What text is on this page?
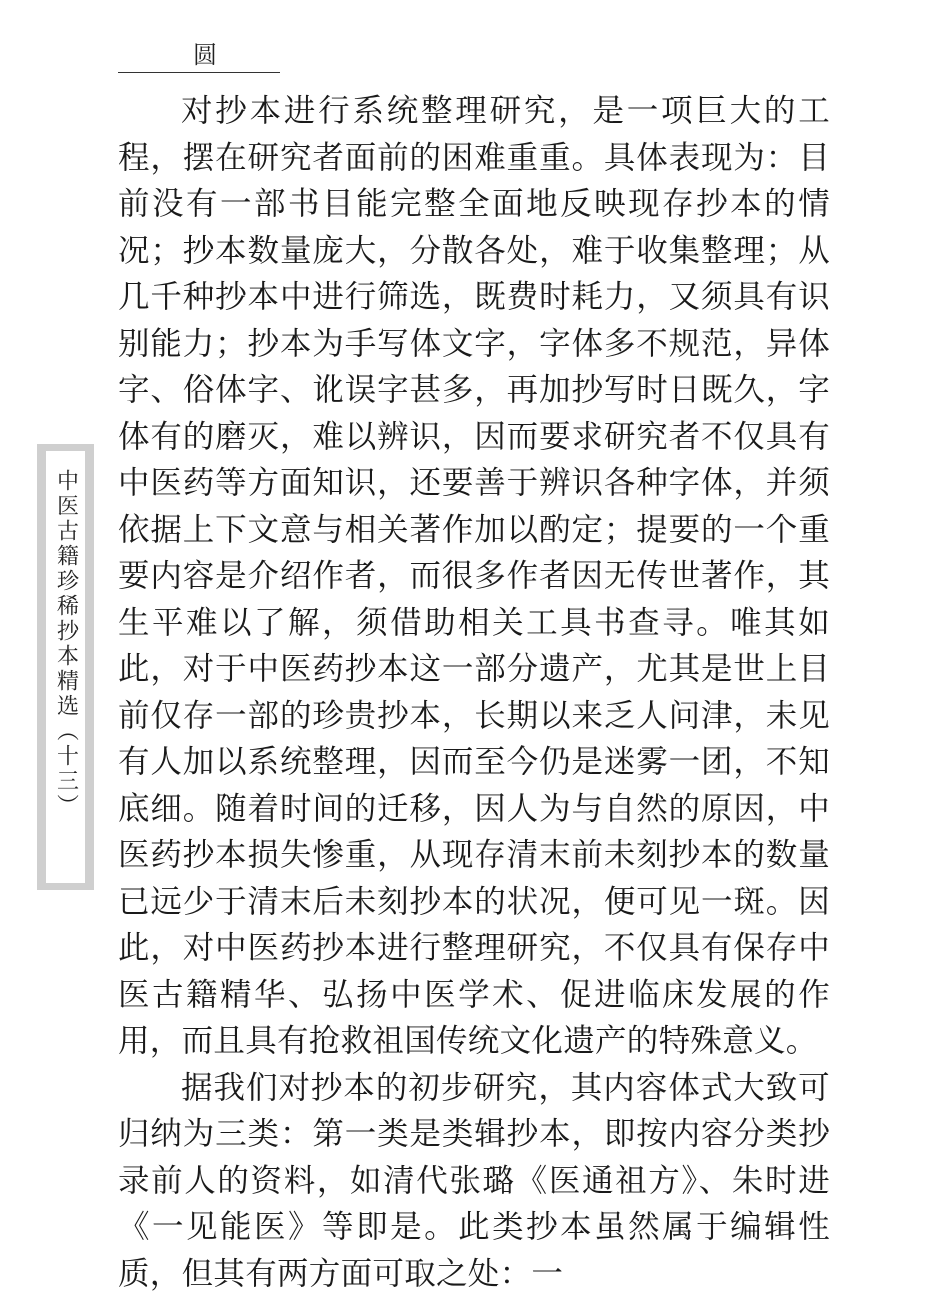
圆
中医古籍珍稀抄本精选（十三）

对抄本进行系统整理研究，是一项巨大的工程，摆在研究者面前的困难重重。具体表现为：目前没有一部书目能完整全面地反映现存抄本的情况；抄本数量庞大，分散各处，难于收集整理；从几千种抄本中进行筛选，既费时耗力，又须具有识别能力；抄本为手写体文字，字体多不规范，异体字、俗体字、讹误字甚多，再加抄写时日既久，字体有的磨灭，难以辨识，因而要求研究者不仅具有中医药等方面知识，还要善于辨识各种字体，并须依据上下文意与相关著作加以酌定；提要的一个重要内容是介绍作者，而很多作者因无传世著作，其生平难以了解，须借助相关工具书查寻。唯其如此，对于中医药抄本这一部分遗产，尤其是世上目前仅存一部的珍贵抄本，长期以来乏人问津，未见有人加以系统整理，因而至今仍是迷雾一团，不知底细。随着时间的迁移，因人为与自然的原因，中医药抄本损失惨重，从现存清末前未刻抄本的数量已远少于清末后未刻抄本的状况，便可见一斑。因此，对中医药抄本进行整理研究，不仅具有保存中医古籍精华、弘扬中医学术、促进临床发展的作用，而且具有抢救祖国传统文化遗产的特殊意义。

据我们对抄本的初步研究，其内容体式大致可归纳为三类：第一类是类辑抄本，即按内容分类抄录前人的资料，如清代张璐《医通祖方》、朱时进《一见能医》等即是。此类抄本虽然属于编辑性质，但其有两方面可取之处：一
